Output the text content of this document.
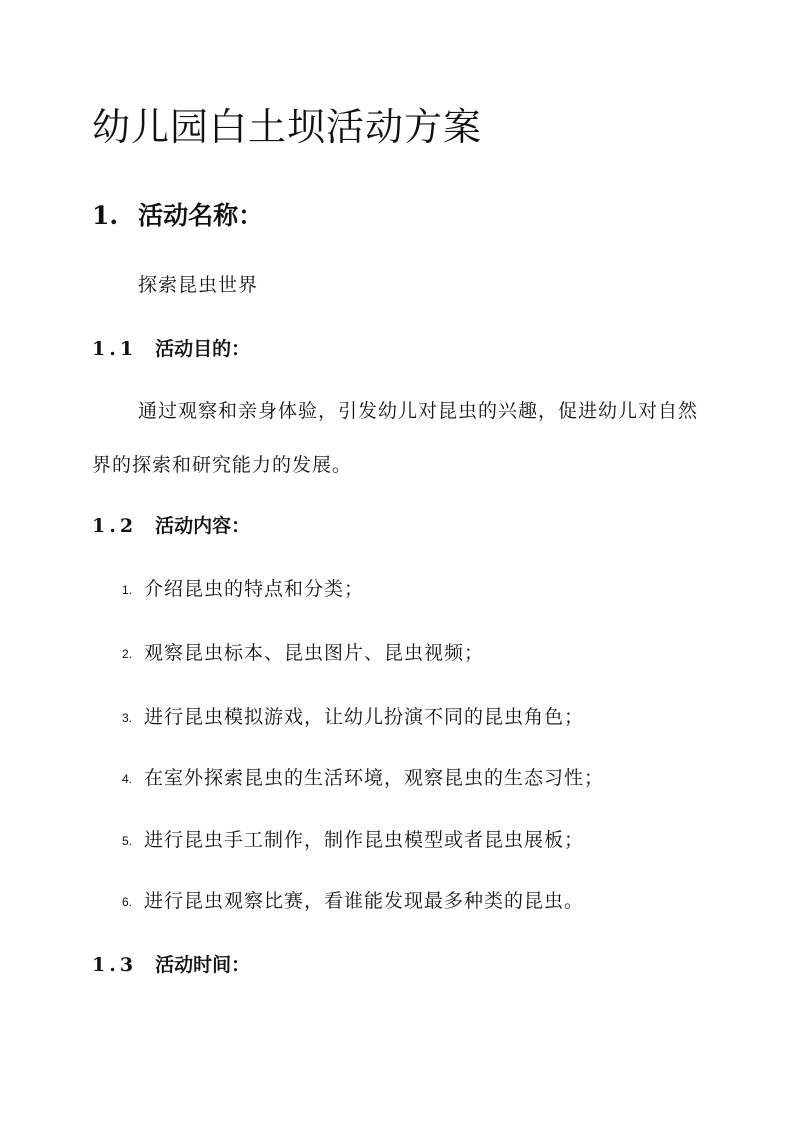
幼儿园白土坝活动方案
1. 活动名称：
探索昆虫世界
1.1 活动目的：
通过观察和亲身体验，引发幼儿对昆虫的兴趣，促进幼儿对自然界的探索和研究能力的发展。
1.2 活动内容：
1. 介绍昆虫的特点和分类；
2. 观察昆虫标本、昆虫图片、昆虫视频；
3. 进行昆虫模拟游戏，让幼儿扮演不同的昆虫角色；
4. 在室外探索昆虫的生活环境，观察昆虫的生态习性；
5. 进行昆虫手工制作，制作昆虫模型或者昆虫展板；
6. 进行昆虫观察比赛，看谁能发现最多种类的昆虫。
1.3 活动时间：
